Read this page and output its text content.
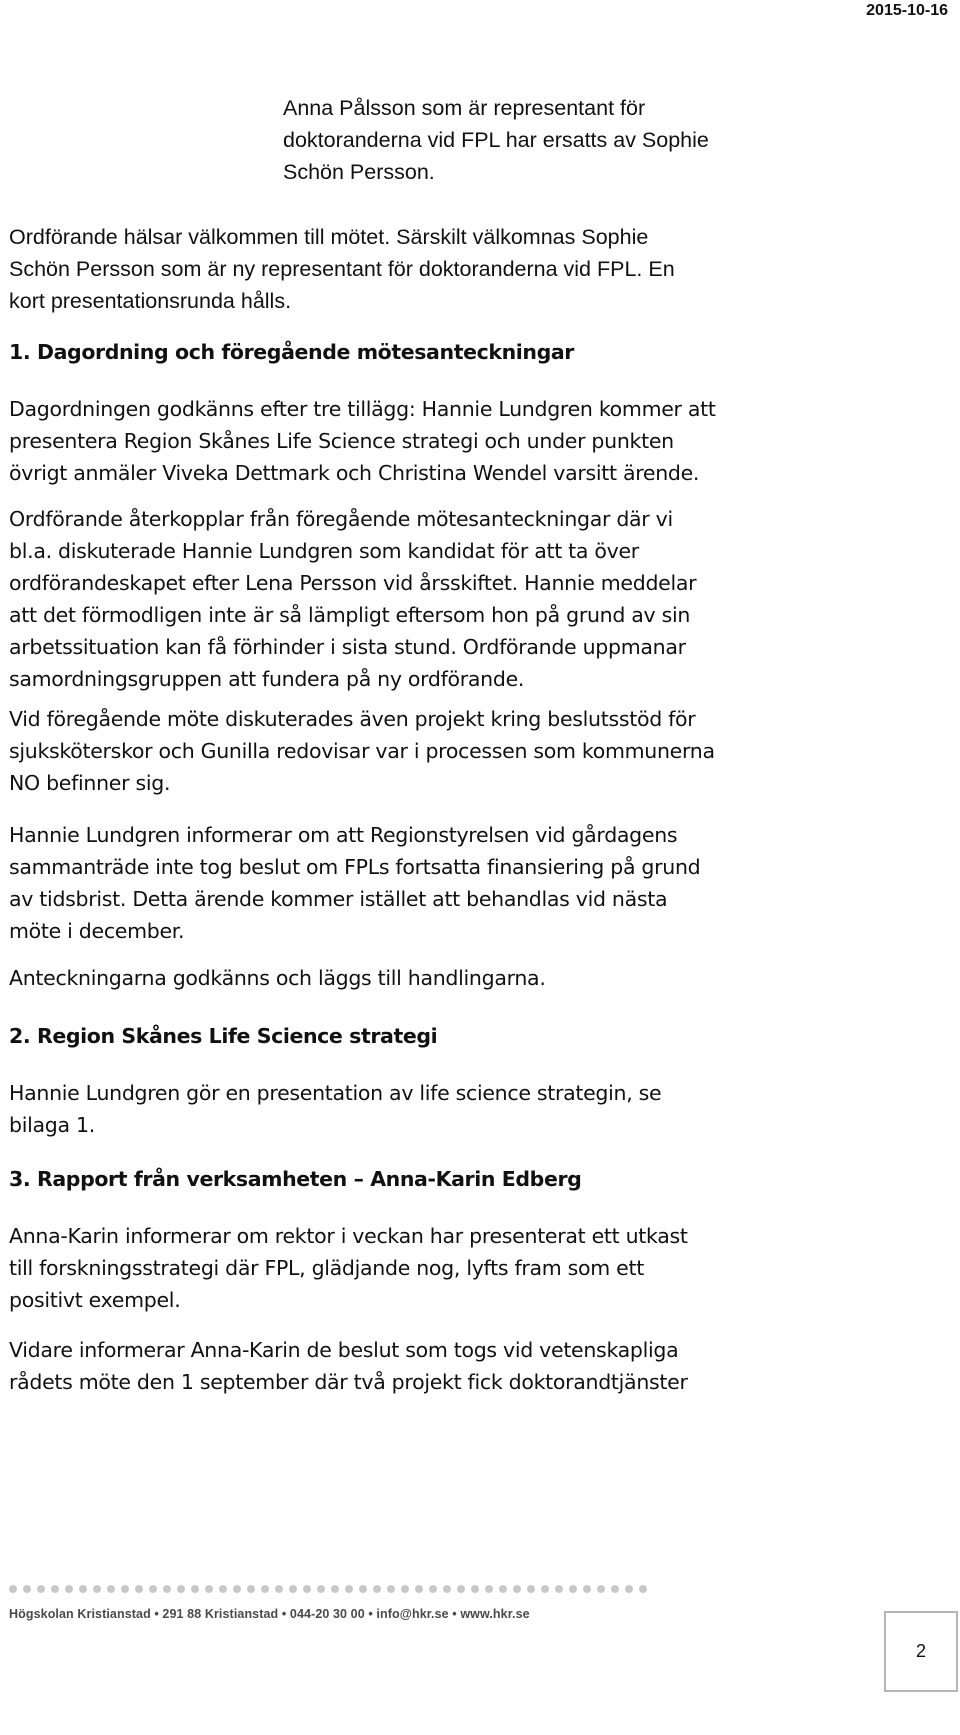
2015-10-16

Anna Pålsson som är representant för
doktoranderna vid FPL har ersatts av Sophie
Schön Persson.

Ordförande hälsar välkommen till mötet. Särskilt välkomnas Sophie
Schön Persson som är ny representant för doktoranderna vid FPL. En
kort presentationsrunda hålls.

1. Dagordning och föregående mötesanteckningar

Dagordningen godkänns efter tre tillägg: Hannie Lundgren kommer att
presentera Region Skånes Life Science strategi och under punkten
övrigt anmäler Viveka Dettmark och Christina Wendel varsitt ärende.

Ordförande återkopplar från föregående mötesanteckningar där vi
bl.a. diskuterade Hannie Lundgren som kandidat för att ta över
ordförandeskapet efter Lena Persson vid årsskiftet. Hannie meddelar
att det förmodligen inte är så lämpligt eftersom hon på grund av sin
arbetssituation kan få förhinder i sista stund. Ordförande uppmanar
samordningsgruppen att fundera på ny ordförande.

Vid föregående möte diskuterades även projekt kring beslutsstöd för
sjuksköterskor och Gunilla redovisar var i processen som kommunerna
NO befinner sig.

Hannie Lundgren informerar om att Regionstyrelsen vid gårdagens
sammanträde inte tog beslut om FPLs fortsatta finansiering på grund
av tidsbrist. Detta ärende kommer istället att behandlas vid nästa
möte i december.

Anteckningarna godkänns och läggs till handlingarna.

2. Region Skånes Life Science strategi

Hannie Lundgren gör en presentation av life science strategin, se
bilaga 1.

3. Rapport från verksamheten – Anna-Karin Edberg

Anna-Karin informerar om rektor i veckan har presenterat ett utkast
till forskningsstrategi där FPL, glädjande nog, lyfts fram som ett
positivt exempel.

Vidare informerar Anna-Karin de beslut som togs vid vetenskapliga
rådets möte den 1 september där två projekt fick doktorandtjänster

Högskolan Kristianstad • 291 88 Kristianstad • 044-20 30 00 • info@hkr.se • www.hkr.se
2
